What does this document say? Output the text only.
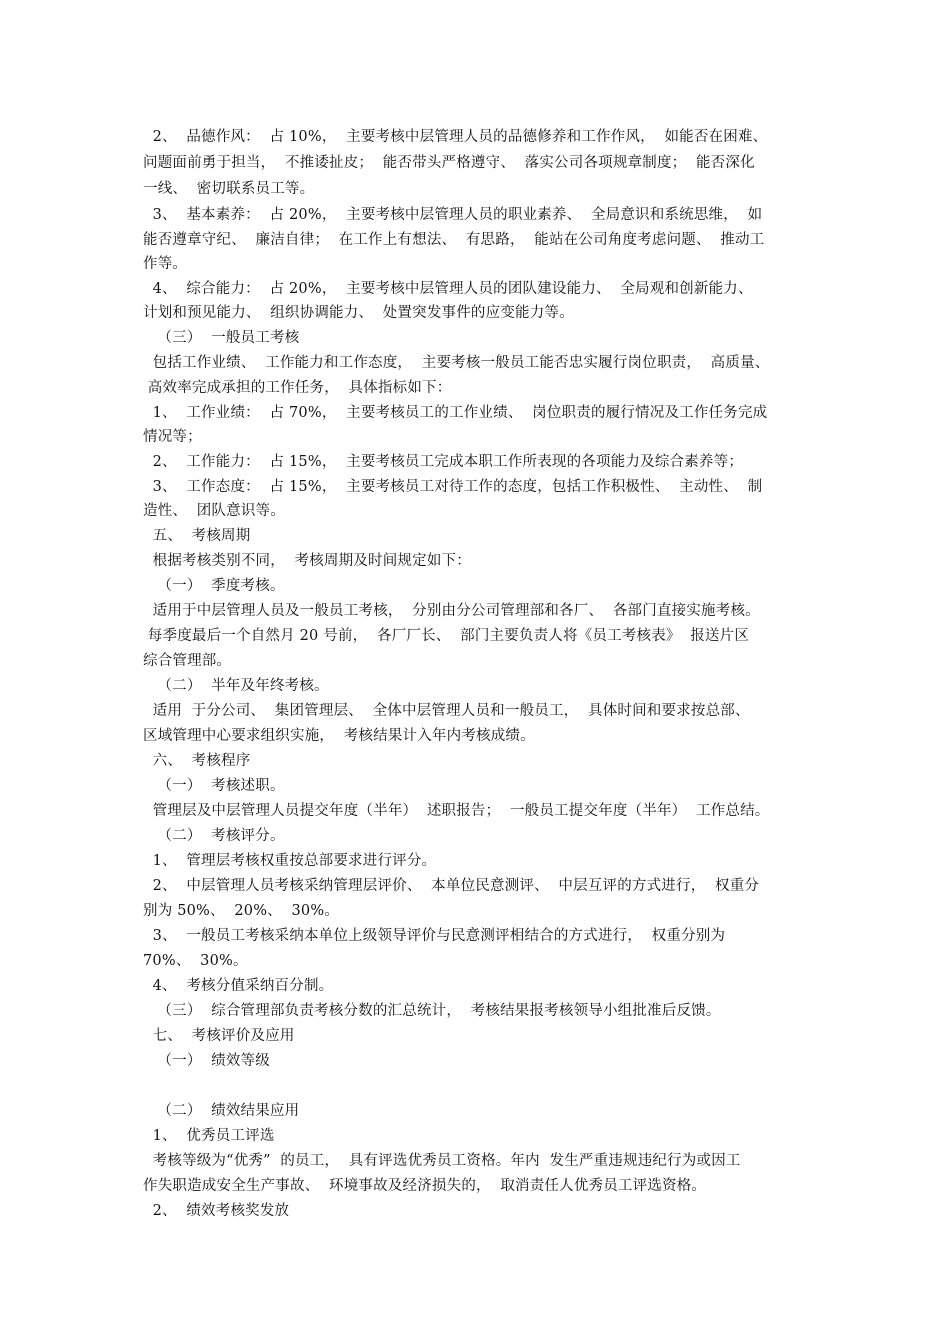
2、  品德作风：  占 10%，  主要考核中层管理人员的品德修养和工作作风，  如能否在困难、
问题面前勇于担当，  不推诿扯皮；  能否带头严格遵守、  落实公司各项规章制度；  能否深化
一线、  密切联系员工等。
3、  基本素养：  占 20%，  主要考核中层管理人员的职业素养、  全局意识和系统思维，  如
能否遵章守纪、  廉洁自律；  在工作上有想法、  有思路，  能站在公司角度考虑问题、  推动工
作等。
4、  综合能力：  占 20%，  主要考核中层管理人员的团队建设能力、  全局观和创新能力、
计划和预见能力、  组织协调能力、  处置突发事件的应变能力等。
（三）  一般员工考核
包括工作业绩、  工作能力和工作态度，  主要考核一般员工能否忠实履行岗位职责，  高质量、
高效率完成承担的工作任务，  具体指标如下：
1、  工作业绩：  占 70%，  主要考核员工的工作业绩、  岗位职责的履行情况及工作任务完成
情况等；
2、  工作能力：  占 15%，  主要考核员工完成本职工作所表现的各项能力及综合素养等；
3、  工作态度：  占 15%，  主要考核员工对待工作的态度，包括工作积极性、  主动性、  制
造性、  团队意识等。
五、  考核周期
根据考核类别不同，  考核周期及时间规定如下：
（一）  季度考核。
适用于中层管理人员及一般员工考核，  分别由分公司管理部和各厂、  各部门直接实施考核。
每季度最后一个自然月 20 号前，  各厂厂长、  部门主要负责人将《员工考核表》  报送片区
综合管理部。
（二）  半年及年终考核。
适用  于分公司、  集团管理层、  全体中层管理人员和一般员工，  具体时间和要求按总部、
区域管理中心要求组织实施，  考核结果计入年内考核成绩。
六、  考核程序
（一）  考核述职。
管理层及中层管理人员提交年度（半年）  述职报告；  一般员工提交年度（半年）  工作总结。
（二）  考核评分。
1、  管理层考核权重按总部要求进行评分。
2、  中层管理人员考核采纳管理层评价、  本单位民意测评、  中层互评的方式进行，  权重分
别为 50%、  20%、  30%。
3、  一般员工考核采纳本单位上级领导评价与民意测评相结合的方式进行，  权重分别为
70%、  30%。
4、  考核分值采纳百分制。
（三）  综合管理部负责考核分数的汇总统计，  考核结果报考核领导小组批准后反馈。
七、  考核评价及应用
（一）  绩效等级
（二）  绩效结果应用
1、  优秀员工评选
考核等级为“优秀”  的员工，  具有评选优秀员工资格。年内  发生严重违规违纪行为或因工
作失职造成安全生产事故、  环境事故及经济损失的，  取消责任人优秀员工评选资格。
2、  绩效考核奖发放
